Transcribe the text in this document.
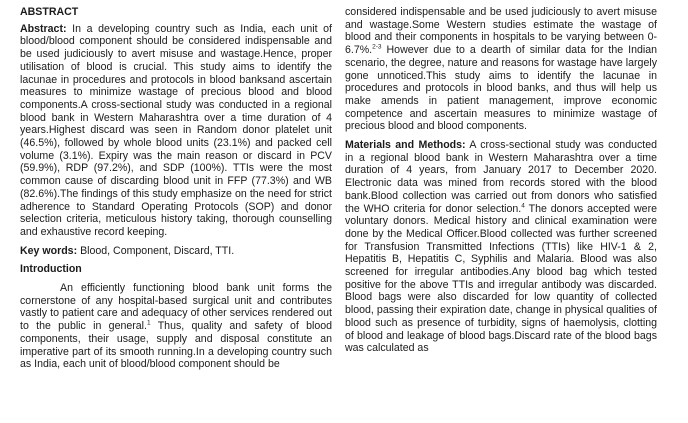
ABSTRACT

Abstract: In a developing country such as India, each unit of blood/blood component should be considered indispensable and be used judiciously to avert misuse and wastage.Hence, proper utilisation of blood is crucial. This study aims to identify the lacunae in procedures and protocols in blood banksand ascertain measures to minimize wastage of precious blood and blood components.A cross-sectional study was conducted in a regional blood bank in Western Maharashtra over a time duration of 4 years.Highest discard was seen in Random donor platelet unit (46.5%), followed by whole blood units (23.1%) and packed cell volume (3.1%). Expiry was the main reason or discard in PCV (59.9%), RDP (97.2%), and SDP (100%). TTIs were the most common cause of discarding blood unit in FFP (77.3%) and WB (82.6%).The findings of this study emphasize on the need for strict adherence to Standard Operating Protocols (SOP) and donor selection criteria, meticulous history taking, thorough counselling and exhaustive record keeping.

Key words: Blood, Component, Discard, TTI.

Introduction

An efficiently functioning blood bank unit forms the cornerstone of any hospital-based surgical unit and contributes vastly to patient care and adequacy of other services rendered out to the public in general.$^1$ Thus, quality and safety of blood components, their usage, supply and disposal constitute an imperative part of its smooth running.In a developing country such as India, each unit of blood/blood component should be

considered indispensable and be used judiciously to avert misuse and wastage.Some Western studies estimate the wastage of blood and their components in hospitals to be varying between 0-6.7%.$^{2-3}$ However due to a dearth of similar data for the Indian scenario, the degree, nature and reasons for wastage have largely gone unnoticed.This study aims to identify the lacunae in procedures and protocols in blood banks, and thus will help us make amends in patient management, improve economic competence and ascertain measures to minimize wastage of precious blood and blood components.

Materials and Methods: A cross-sectional study was conducted in a regional blood bank in Western Maharashtra over a time duration of 4 years, from January 2017 to December 2020. Electronic data was mined from records stored with the blood bank.Blood collection was carried out from donors who satisfied the WHO criteria for donor selection.$^4$ The donors accepted were voluntary donors. Medical history and clinical examination were done by the Medical Officer.Blood collected was further screened for Transfusion Transmitted Infections (TTIs) like HIV-1 & 2, Hepatitis B, Hepatitis C, Syphilis and Malaria. Blood was also screened for irregular antibodies.Any blood bag which tested positive for the above TTIs and irregular antibody was discarded. Blood bags were also discarded for low quantity of collected blood, passing their expiration date, change in physical qualities of blood such as presence of turbidity, signs of haemolysis, clotting of blood and leakage of blood bags.Discard rate of the blood bags was calculated as
